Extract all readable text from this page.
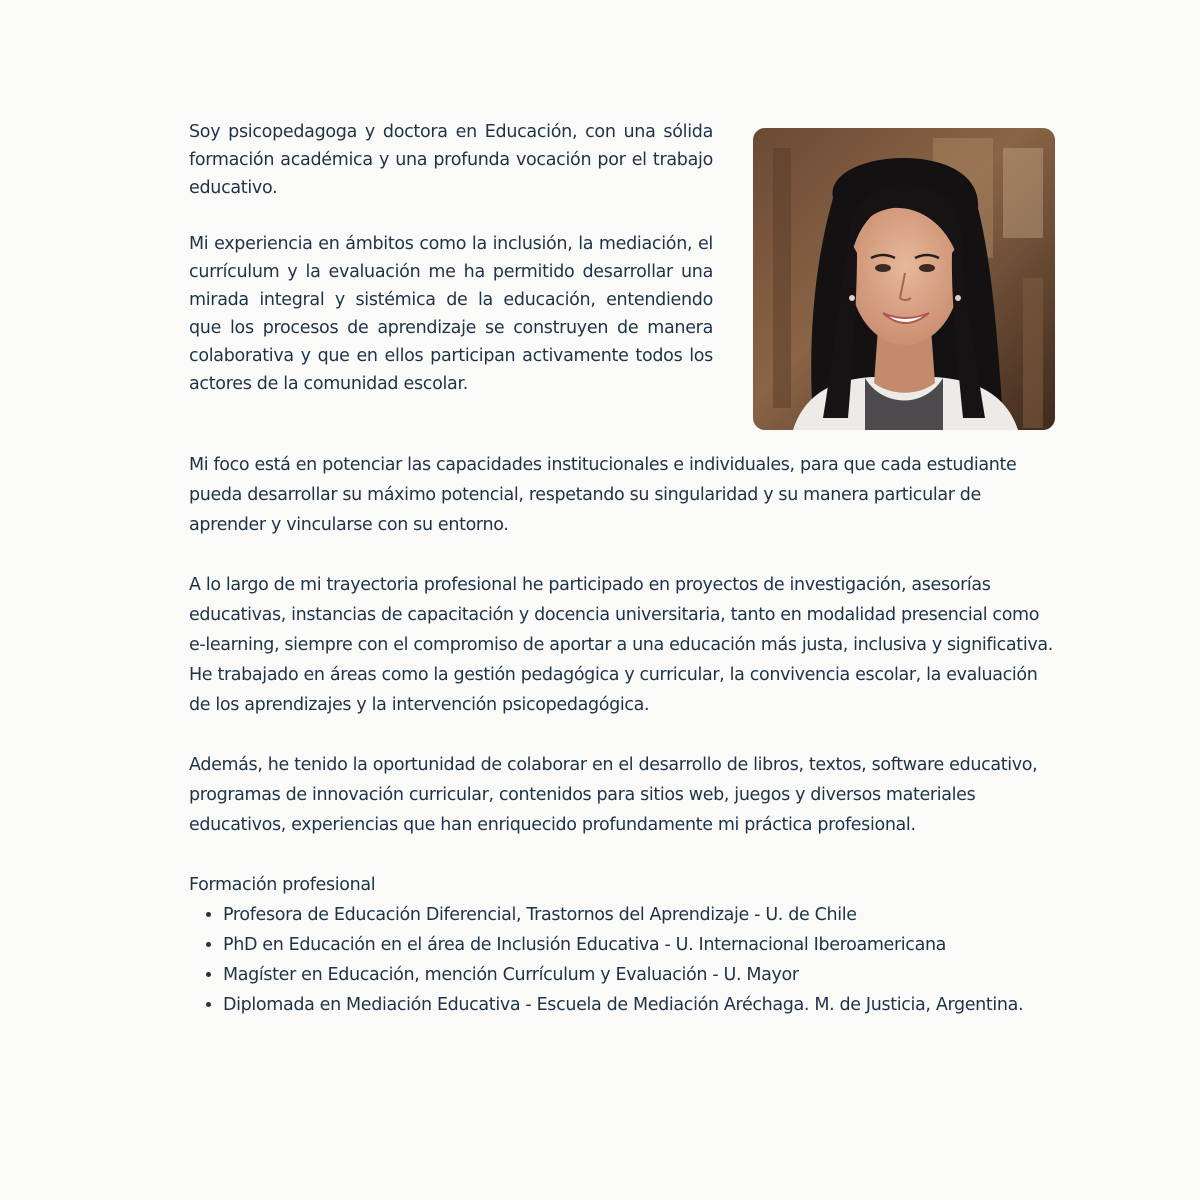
Soy psicopedagoga y doctora en Educación, con una sólida formación académica y una profunda vocación por el trabajo educativo.

Mi experiencia en ámbitos como la inclusión, la mediación, el currículum y la evaluación me ha permitido desarrollar una mirada integral y sistémica de la educación, entendiendo que los procesos de aprendizaje se construyen de manera colaborativa y que en ellos participan activamente todos los actores de la comunidad escolar.

Mi foco está en potenciar las capacidades institucionales e individuales, para que cada estudiante pueda desarrollar su máximo potencial, respetando su singularidad y su manera particular de aprender y vincularse con su entorno.

A lo largo de mi trayectoria profesional he participado en proyectos de investigación, asesorías educativas, instancias de capacitación y docencia universitaria, tanto en modalidad presencial como e-learning, siempre con el compromiso de aportar a una educación más justa, inclusiva y significativa. He trabajado en áreas como la gestión pedagógica y curricular, la convivencia escolar, la evaluación de los aprendizajes y la intervención psicopedagógica.

Además, he tenido la oportunidad de colaborar en el desarrollo de libros, textos, software educativo, programas de innovación curricular, contenidos para sitios web, juegos y diversos materiales educativos, experiencias que han enriquecido profundamente mi práctica profesional.

Formación profesional
• Profesora de Educación Diferencial, Trastornos del Aprendizaje - U. de Chile
• PhD en Educación en el área de Inclusión Educativa - U. Internacional Iberoamericana
• Magíster en Educación, mención Currículum y Evaluación - U. Mayor
• Diplomada en Mediación Educativa - Escuela de Mediación Aréchaga. M. de Justicia, Argentina.
